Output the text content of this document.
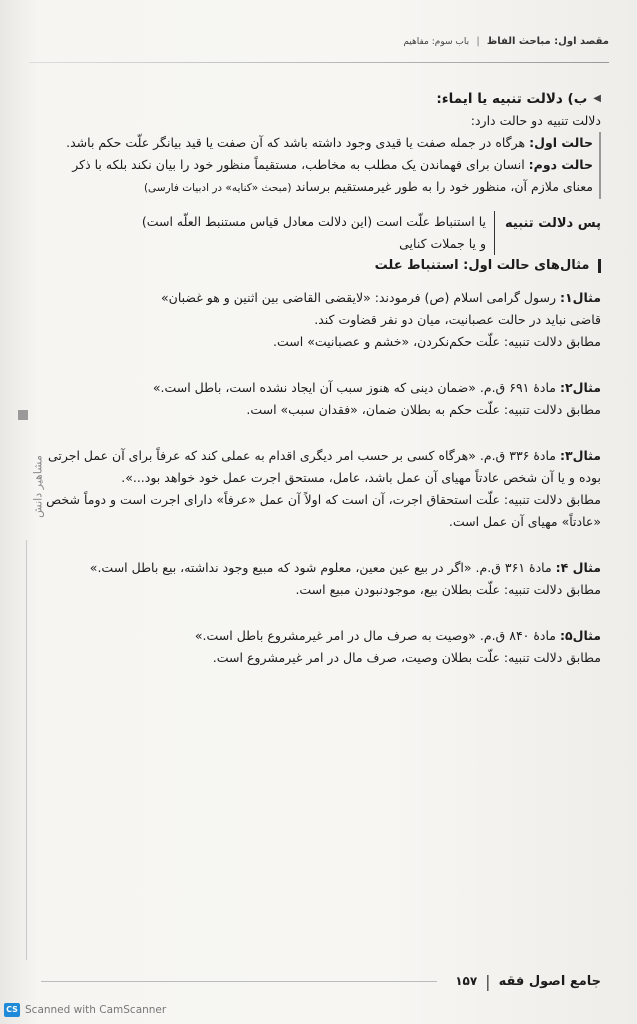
مقصد اول: مباحث الفاظ | باب سوم: مفاهیم
مشاهیر دانش

◀
ب) دلالت تنبیه یا ایماء:

دلالت تنبیه دو حالت دارد:

حالت اول: هرگاه در جمله صفت یا قیدی وجود داشته باشد که آن صفت یا قید بیانگر علّت حکم باشد.
حالت دوم: انسان برای فهماندن یک مطلب به مخاطب، مستقیماً منظور خود را بیان نکند بلکه با ذکر معنای ملازم آن، منظور خود را به طور غیرمستقیم برساند (مبحث «کنایه» در ادبیات فارسی)
پس دلالت تنبیه

یا استنباط علّت است (این دلالت معادل قیاس مستنبط العلّه است)

و یا جملات کنایی

مثال‌های حالت اول: استنباط علت

مثال۱: رسول گرامی اسلام (ص) فرمودند: «لایقضی القاضی بین اثنین و هو غضبان»

قاضی نباید در حالت عصبانیت، میان دو نفر قضاوت کند.

مطابق دلالت تنبیه: علّت حکم‌نکردن، «خشم و عصبانیت» است.

مثال۲: مادۀ ۶۹۱ ق.م. «ضمان دینی که هنوز سبب آن ایجاد نشده است، باطل است.»

مطابق دلالت تنبیه: علّت حکم به بطلان ضمان، «فقدان سبب» است.

مثال۳: مادۀ ۳۳۶ ق.م. «هرگاه کسی بر حسب امر دیگری اقدام به عملی کند که عرفاً برای آن عمل اجرتی بوده و یا آن شخص عادتاً مهیای آن عمل باشد، عامل، مستحق اجرت عمل خود خواهد بود...».

مطابق دلالت تنبیه: علّت استحقاق اجرت، آن است که اولاً آن عمل «عرفاً» دارای اجرت است و دوماً شخص «عادتاً» مهیای آن عمل است.

مثال ۴: مادۀ ۳۶۱ ق.م. «اگر در بیع عین معین، معلوم شود که مبیع وجود نداشته، بیع باطل است.»

مطابق دلالت تنبیه: علّت بطلان بیع، موجودنبودن مبیع است.

مثال۵: مادۀ ۸۴۰ ق.م. «وصیت به صرف مال در امر غیرمشروع باطل است.»

مطابق دلالت تنبیه: علّت بطلان وصیت، صرف مال در امر غیرمشروع است.

جامع اصول فقه
|
۱۵۷
CS Scanned with CamScanner
